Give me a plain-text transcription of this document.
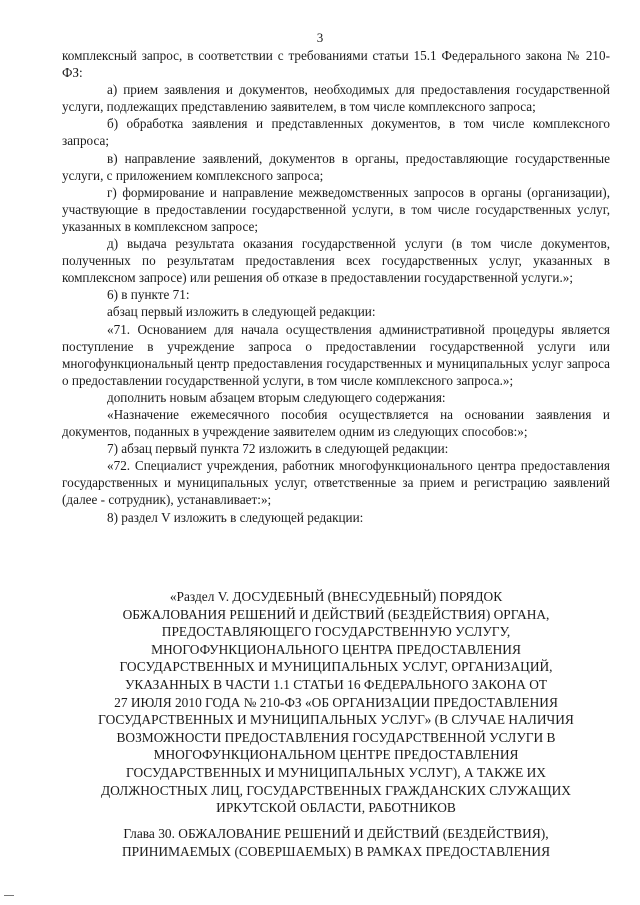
3

комплексный запрос, в соответствии с требованиями статьи 15.1 Федерального закона № 210-ФЗ:

а) прием заявления и документов, необходимых для предоставления государственной услуги, подлежащих представлению заявителем, в том числе комплексного запроса;

б) обработка заявления и представленных документов, в том числе комплексного запроса;

в) направление заявлений, документов в органы, предоставляющие государственные услуги, с приложением комплексного запроса;

г) формирование и направление межведомственных запросов в органы (организации), участвующие в предоставлении государственной услуги, в том числе государственных услуг, указанных в комплексном запросе;

д) выдача результата оказания государственной услуги (в том числе документов, полученных по результатам предоставления всех государственных услуг, указанных в комплексном запросе) или решения об отказе в предоставлении государственной услуги.»;

6) в пункте 71:

абзац первый изложить в следующей редакции:

«71. Основанием для начала осуществления административной процедуры является поступление в учреждение запроса о предоставлении государственной услуги или многофункциональный центр предоставления государственных и муниципальных услуг запроса о предоставлении государственной услуги, в том числе комплексного запроса.»;

дополнить новым абзацем вторым следующего содержания:

«Назначение ежемесячного пособия осуществляется на основании заявления и документов, поданных в учреждение заявителем одним из следующих способов:»;

7) абзац первый пункта 72 изложить в следующей редакции:

«72. Специалист учреждения, работник многофункционального центра предоставления государственных и муниципальных услуг, ответственные за прием и регистрацию заявлений (далее - сотрудник), устанавливает:»;

8) раздел V изложить в следующей редакции:

«Раздел V. ДОСУДЕБНЫЙ (ВНЕСУДЕБНЫЙ) ПОРЯДОК
ОБЖАЛОВАНИЯ РЕШЕНИЙ И ДЕЙСТВИЙ (БЕЗДЕЙСТВИЯ) ОРГАНА,
ПРЕДОСТАВЛЯЮЩЕГО ГОСУДАРСТВЕННУЮ УСЛУГУ,
МНОГОФУНКЦИОНАЛЬНОГО ЦЕНТРА ПРЕДОСТАВЛЕНИЯ
ГОСУДАРСТВЕННЫХ И МУНИЦИПАЛЬНЫХ УСЛУГ, ОРГАНИЗАЦИЙ,
УКАЗАННЫХ В ЧАСТИ 1.1 СТАТЬИ 16 ФЕДЕРАЛЬНОГО ЗАКОНА ОТ
27 ИЮЛЯ 2010 ГОДА № 210-ФЗ «ОБ ОРГАНИЗАЦИИ ПРЕДОСТАВЛЕНИЯ
ГОСУДАРСТВЕННЫХ И МУНИЦИПАЛЬНЫХ УСЛУГ» (В СЛУЧАЕ НАЛИЧИЯ
ВОЗМОЖНОСТИ ПРЕДОСТАВЛЕНИЯ ГОСУДАРСТВЕННОЙ УСЛУГИ В
МНОГОФУНКЦИОНАЛЬНОМ ЦЕНТРЕ ПРЕДОСТАВЛЕНИЯ
ГОСУДАРСТВЕННЫХ И МУНИЦИПАЛЬНЫХ УСЛУГ), А ТАКЖЕ ИХ
ДОЛЖНОСТНЫХ ЛИЦ, ГОСУДАРСТВЕННЫХ ГРАЖДАНСКИХ СЛУЖАЩИХ
ИРКУТСКОЙ ОБЛАСТИ, РАБОТНИКОВ
Глава 30. ОБЖАЛОВАНИЕ РЕШЕНИЙ И ДЕЙСТВИЙ (БЕЗДЕЙСТВИЯ),
ПРИНИМАЕМЫХ (СОВЕРШАЕМЫХ) В РАМКАХ ПРЕДОСТАВЛЕНИЯ
